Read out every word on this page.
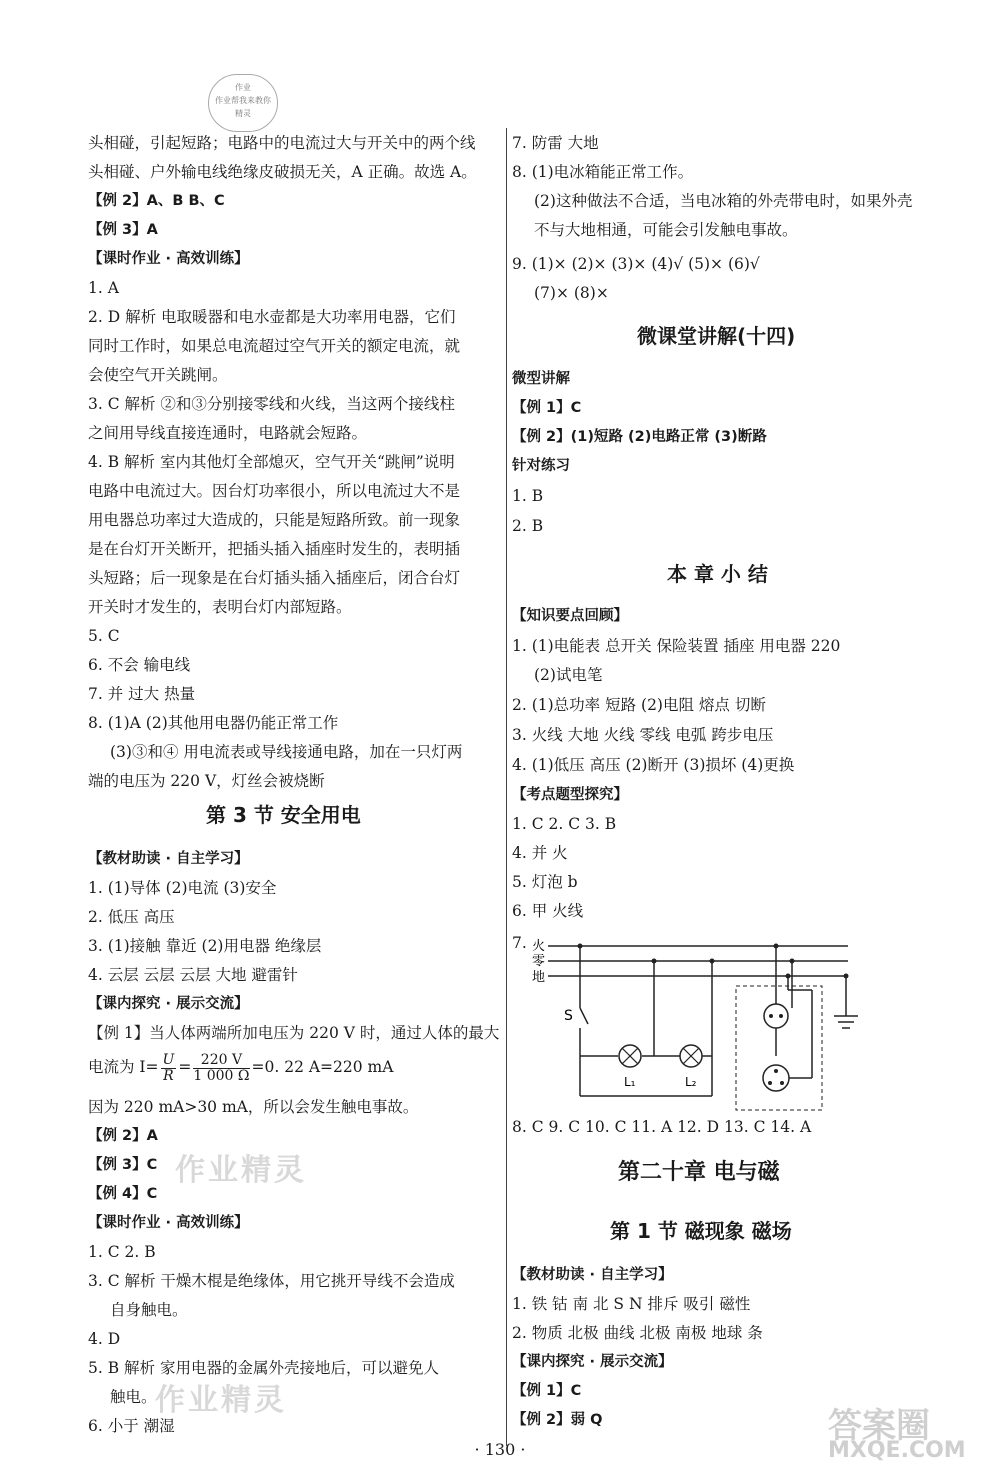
作业
作业帮我来教你
精灵
头相碰，引起短路；电路中的电流过大与开关中的两个线
头相碰、户外输电线绝缘皮破损无关，A 正确。故选 A。
【例 2】A、B B、C
【例 3】A
【课时作业 · 高效训练】
1. A
2. D 解析 电取暖器和电水壶都是大功率用电器，它们
同时工作时，如果总电流超过空气开关的额定电流，就
会使空气开关跳闸。
3. C 解析 ②和③分别接零线和火线，当这两个接线柱
之间用导线直接连通时，电路就会短路。
4. B 解析 室内其他灯全部熄灭，空气开关“跳闸”说明
电路中电流过大。因台灯功率很小，所以电流过大不是
用电器总功率过大造成的，只能是短路所致。前一现象
是在台灯开关断开，把插头插入插座时发生的，表明插
头短路；后一现象是在台灯插头插入插座后，闭合台灯
开关时才发生的，表明台灯内部短路。
5. C
6. 不会 输电线
7. 并 过大 热量
8. (1)A (2)其他用电器仍能正常工作
(3)③和④ 用电流表或导线接通电路，加在一只灯两
端的电压为 220 V，灯丝会被烧断
第 3 节 安全用电
【教材助读 · 自主学习】
1. (1)导体 (2)电流 (3)安全
2. 低压 高压
3. (1)接触 靠近 (2)用电器 绝缘层
4. 云层 云层 云层 大地 避雷针
【课内探究 · 展示交流】
【例 1】当人体两端所加电压为 220 V 时，通过人体的最大
电流为 $I= \frac{U}{R} = \frac{220 V}{1 000 \Omega} =0$. 22 A=220 mA
因为 220 mA>30 mA，所以会发生触电事故。
【例 2】A
【例 3】C
【例 4】C
【课时作业 · 高效训练】
1. C 2. B
3. C 解析 干燥木棍是绝缘体，用它挑开导线不会造成
自身触电。
4. D
5. B 解析 家用电器的金属外壳接地后，可以避免人
触电。
6. 小于 潮湿
作业精灵
作业精灵
7. 防雷 大地
8. (1)电冰箱能正常工作。
(2)这种做法不合适，当电冰箱的外壳带电时，如果外壳
不与大地相通，可能会引发触电事故。
9. (1)× (2)× (3)× (4)√ (5)× (6)√
(7)× (8)×
微课堂讲解(十四)
微型讲解
【例 1】C
【例 2】(1)短路 (2)电路正常 (3)断路
针对练习
1. B
2. B
本 章 小 结
【知识要点回顾】
1. (1)电能表 总开关 保险装置 插座 用电器 220
(2)试电笔
2. (1)总功率 短路 (2)电阻 熔点 切断
3. 火线 大地 火线 零线 电弧 跨步电压
4. (1)低压 高压 (2)断开 (3)损坏 (4)更换
【考点题型探究】
1. C 2. C 3. B
4. 并 火
5. 灯泡 b
6. 甲 火线
7. 火
零
地
S
L₁	L₂
8. C 9. C 10. C 11. A 12. D 13. C 14. A
第二十章 电与磁
第 1 节 磁现象 磁场
【教材助读 · 自主学习】
1. 铁 钴 南 北 S N 排斥 吸引 磁性
2. 物质 北极 曲线 北极 南极 地球 条
【课内探究 · 展示交流】
【例 1】C
【例 2】弱 Q	答案圈
MXQE.COM
· 130 ·
